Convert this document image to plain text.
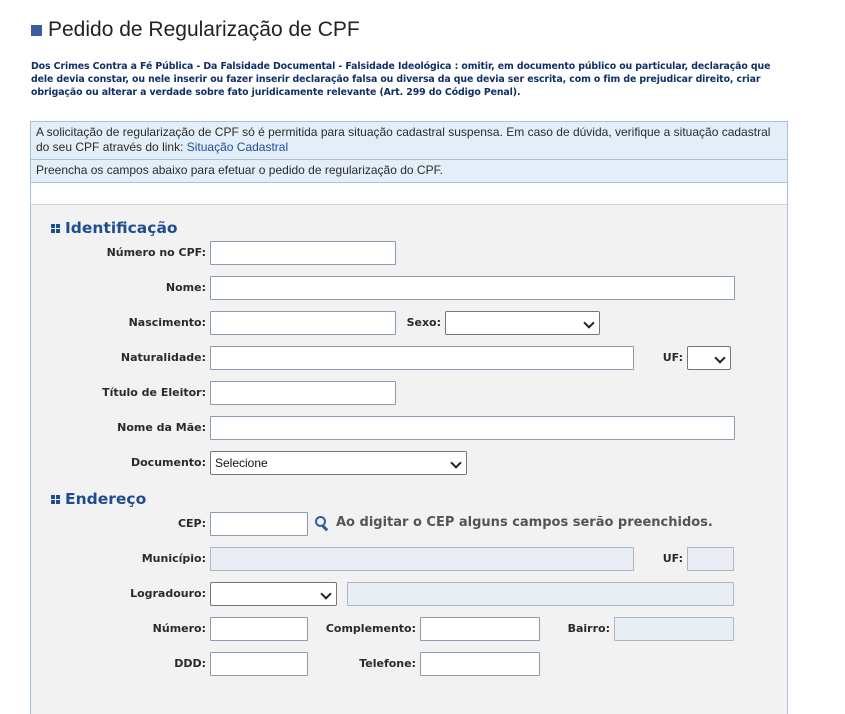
Pedido de Regularização de CPF
Dos Crimes Contra a Fé Pública - Da Falsidade Documental - Falsidade Ideológica : omitir, em documento público ou particular, declaração que dele devia constar, ou nele inserir ou fazer inserir declaração falsa ou diversa da que devia ser escrita, com o fim de prejudicar direito, criar obrigação ou alterar a verdade sobre fato juridicamente relevante (Art. 299 do Código Penal).
A solicitação de regularização de CPF só é permitida para situação cadastral suspensa. Em caso de dúvida, verifique a situação cadastral do seu CPF através do link: Situação Cadastral
Preencha os campos abaixo para efetuar o pedido de regularização do CPF.
Identificação
Número no CPF:
Nome:
Nascimento:	Sexo:
Naturalidade:	UF:
Título de Eleitor:
Nome da Mãe:
Documento: Selecione
Endereço
CEP:	Ao digitar o CEP alguns campos serão preenchidos.
Município:	UF:
Logradouro:
Número:	Complemento:	Bairro:
DDD:	Telefone:
